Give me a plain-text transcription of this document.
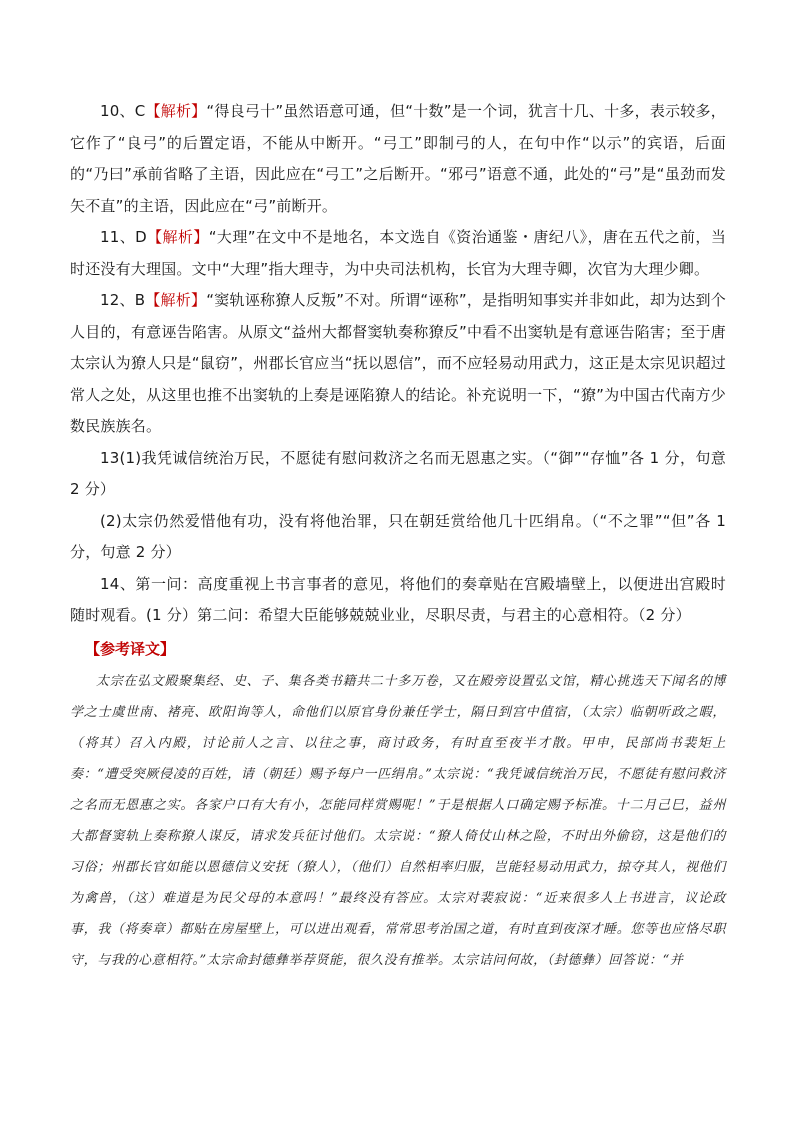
10、C【解析】“得良弓十”虽然语意可通，但“十数”是一个词，犹言十几、十多，表示较多，它作了“良弓”的后置定语，不能从中断开。“弓工”即制弓的人，在句中作“以示”的宾语，后面的“乃曰”承前省略了主语，因此应在“弓工”之后断开。“邪弓”语意不通，此处的“弓”是“虽劲而发矢不直”的主语，因此应在“弓”前断开。

11、D【解析】“大理”在文中不是地名，本文选自《资治通鉴・唐纪八》，唐在五代之前，当时还没有大理国。文中“大理”指大理寺，为中央司法机构，长官为大理寺卿，次官为大理少卿。

12、B【解析】“窦轨诬称獠人反叛”不对。所谓“诬称”，是指明知事实并非如此，却为达到个人目的，有意诬告陷害。从原文“益州大都督窦轨奏称獠反”中看不出窦轨是有意诬告陷害；至于唐太宗认为獠人只是“鼠窃”，州郡长官应当“抚以恩信”，而不应轻易动用武力，这正是太宗见识超过常人之处，从这里也推不出窦轨的上奏是诬陷獠人的结论。补充说明一下，“獠”为中国古代南方少数民族族名。

13(1)我凭诚信统治万民，不愿徒有慰问救济之名而无恩惠之实。（“御”“存恤”各 1 分，句意 2 分）

(2)太宗仍然爱惜他有功，没有将他治罪，只在朝廷赏给他几十匹绢帛。（“不之罪”“但”各 1 分，句意 2 分）

14、第一问：高度重视上书言事者的意见，将他们的奏章贴在宫殿墙壁上，以便进出宫殿时随时观看。(1 分）第二问：希望大臣能够兢兢业业，尽职尽责，与君主的心意相符。（2 分）

【参考译文】

太宗在弘文殿聚集经、史、子、集各类书籍共二十多万卷，又在殿旁设置弘文馆，精心挑选天下闻名的博学之士虞世南、褚亮、欧阳询等人，命他们以原官身份兼任学士，隔日到宫中值宿，（太宗）临朝听政之暇，（将其）召入内殿，讨论前人之言、以往之事，商讨政务，有时直至夜半才散。甲申，民部尚书裴矩上奏：“遭受突厥侵凌的百姓，请（朝廷）赐予每户一匹绢帛。”太宗说：“我凭诚信统治万民，不愿徒有慰问救济之名而无恩惠之实。各家户口有大有小，怎能同样赏赐呢！”于是根据人口确定赐予标准。十二月己巳，益州大都督窦轨上奏称獠人谋反，请求发兵征讨他们。太宗说：“獠人倚仗山林之险，不时出外偷窃，这是他们的习俗；州郡长官如能以恩德信义安抚（獠人），（他们）自然相率归服，岂能轻易动用武力，掠夺其人，视他们为禽兽，（这）难道是为民父母的本意吗！”最终没有答应。太宗对裴寂说：“近来很多人上书进言，议论政事，我（将奏章）都贴在房屋壁上，可以进出观看，常常思考治国之道，有时直到夜深才睡。您等也应恪尽职守，与我的心意相符。”太宗命封德彝举荐贤能，很久没有推举。太宗诘问何故，（封德彝）回答说：“并
